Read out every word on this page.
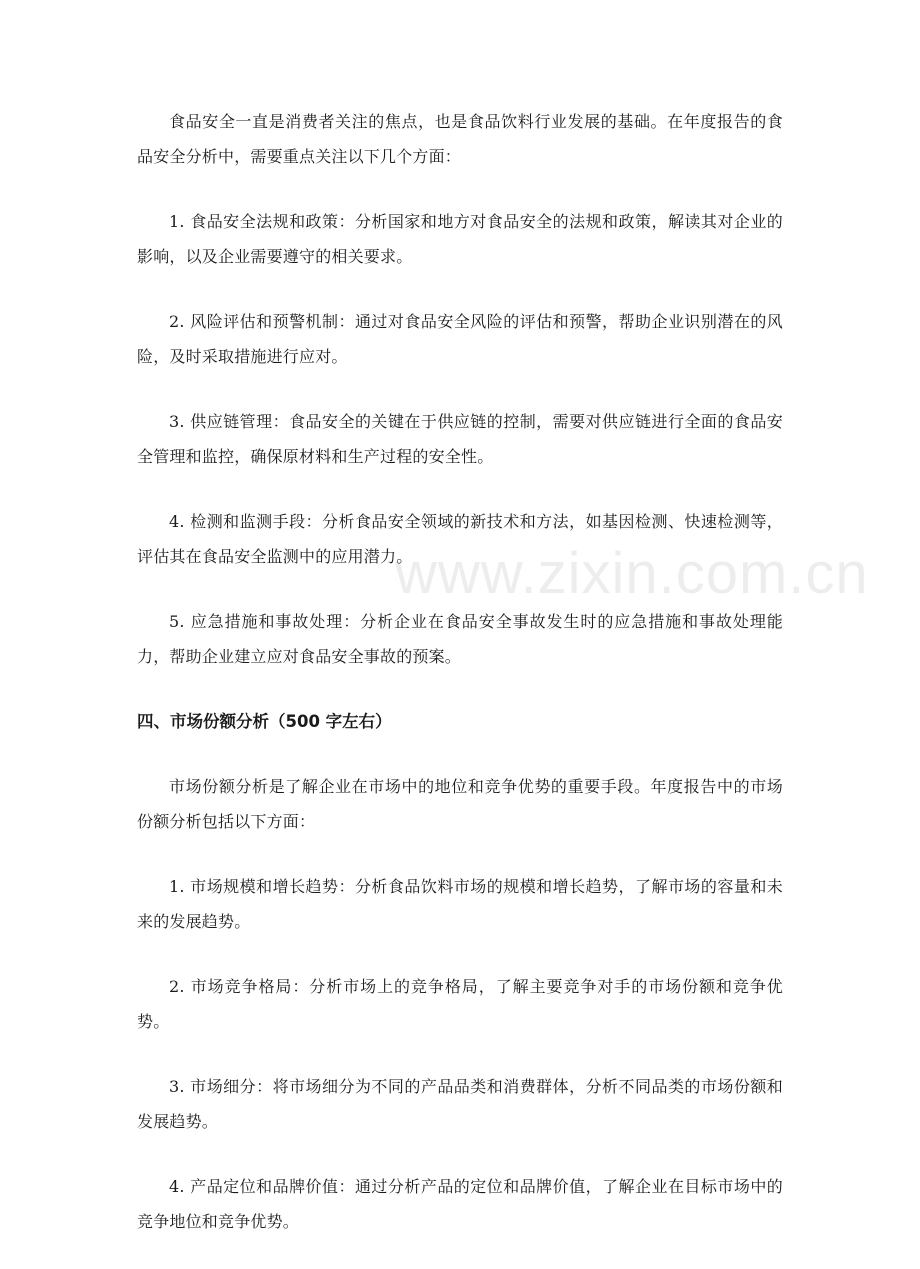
食品安全一直是消费者关注的焦点，也是食品饮料行业发展的基础。在年度报告的食品安全分析中，需要重点关注以下几个方面：

1. 食品安全法规和政策：分析国家和地方对食品安全的法规和政策，解读其对企业的影响，以及企业需要遵守的相关要求。

2. 风险评估和预警机制：通过对食品安全风险的评估和预警，帮助企业识别潜在的风险，及时采取措施进行应对。

3. 供应链管理：食品安全的关键在于供应链的控制，需要对供应链进行全面的食品安全管理和监控，确保原材料和生产过程的安全性。

4. 检测和监测手段：分析食品安全领域的新技术和方法，如基因检测、快速检测等，评估其在食品安全监测中的应用潜力。

5. 应急措施和事故处理：分析企业在食品安全事故发生时的应急措施和事故处理能力，帮助企业建立应对食品安全事故的预案。

四、市场份额分析（500 字左右）

市场份额分析是了解企业在市场中的地位和竞争优势的重要手段。年度报告中的市场份额分析包括以下方面：

1. 市场规模和增长趋势：分析食品饮料市场的规模和增长趋势，了解市场的容量和未来的发展趋势。

2. 市场竞争格局：分析市场上的竞争格局，了解主要竞争对手的市场份额和竞争优势。

3. 市场细分：将市场细分为不同的产品品类和消费群体，分析不同品类的市场份额和发展趋势。

4. 产品定位和品牌价值：通过分析产品的定位和品牌价值，了解企业在目标市场中的竞争地位和竞争优势。

www.zixin.com.cn
